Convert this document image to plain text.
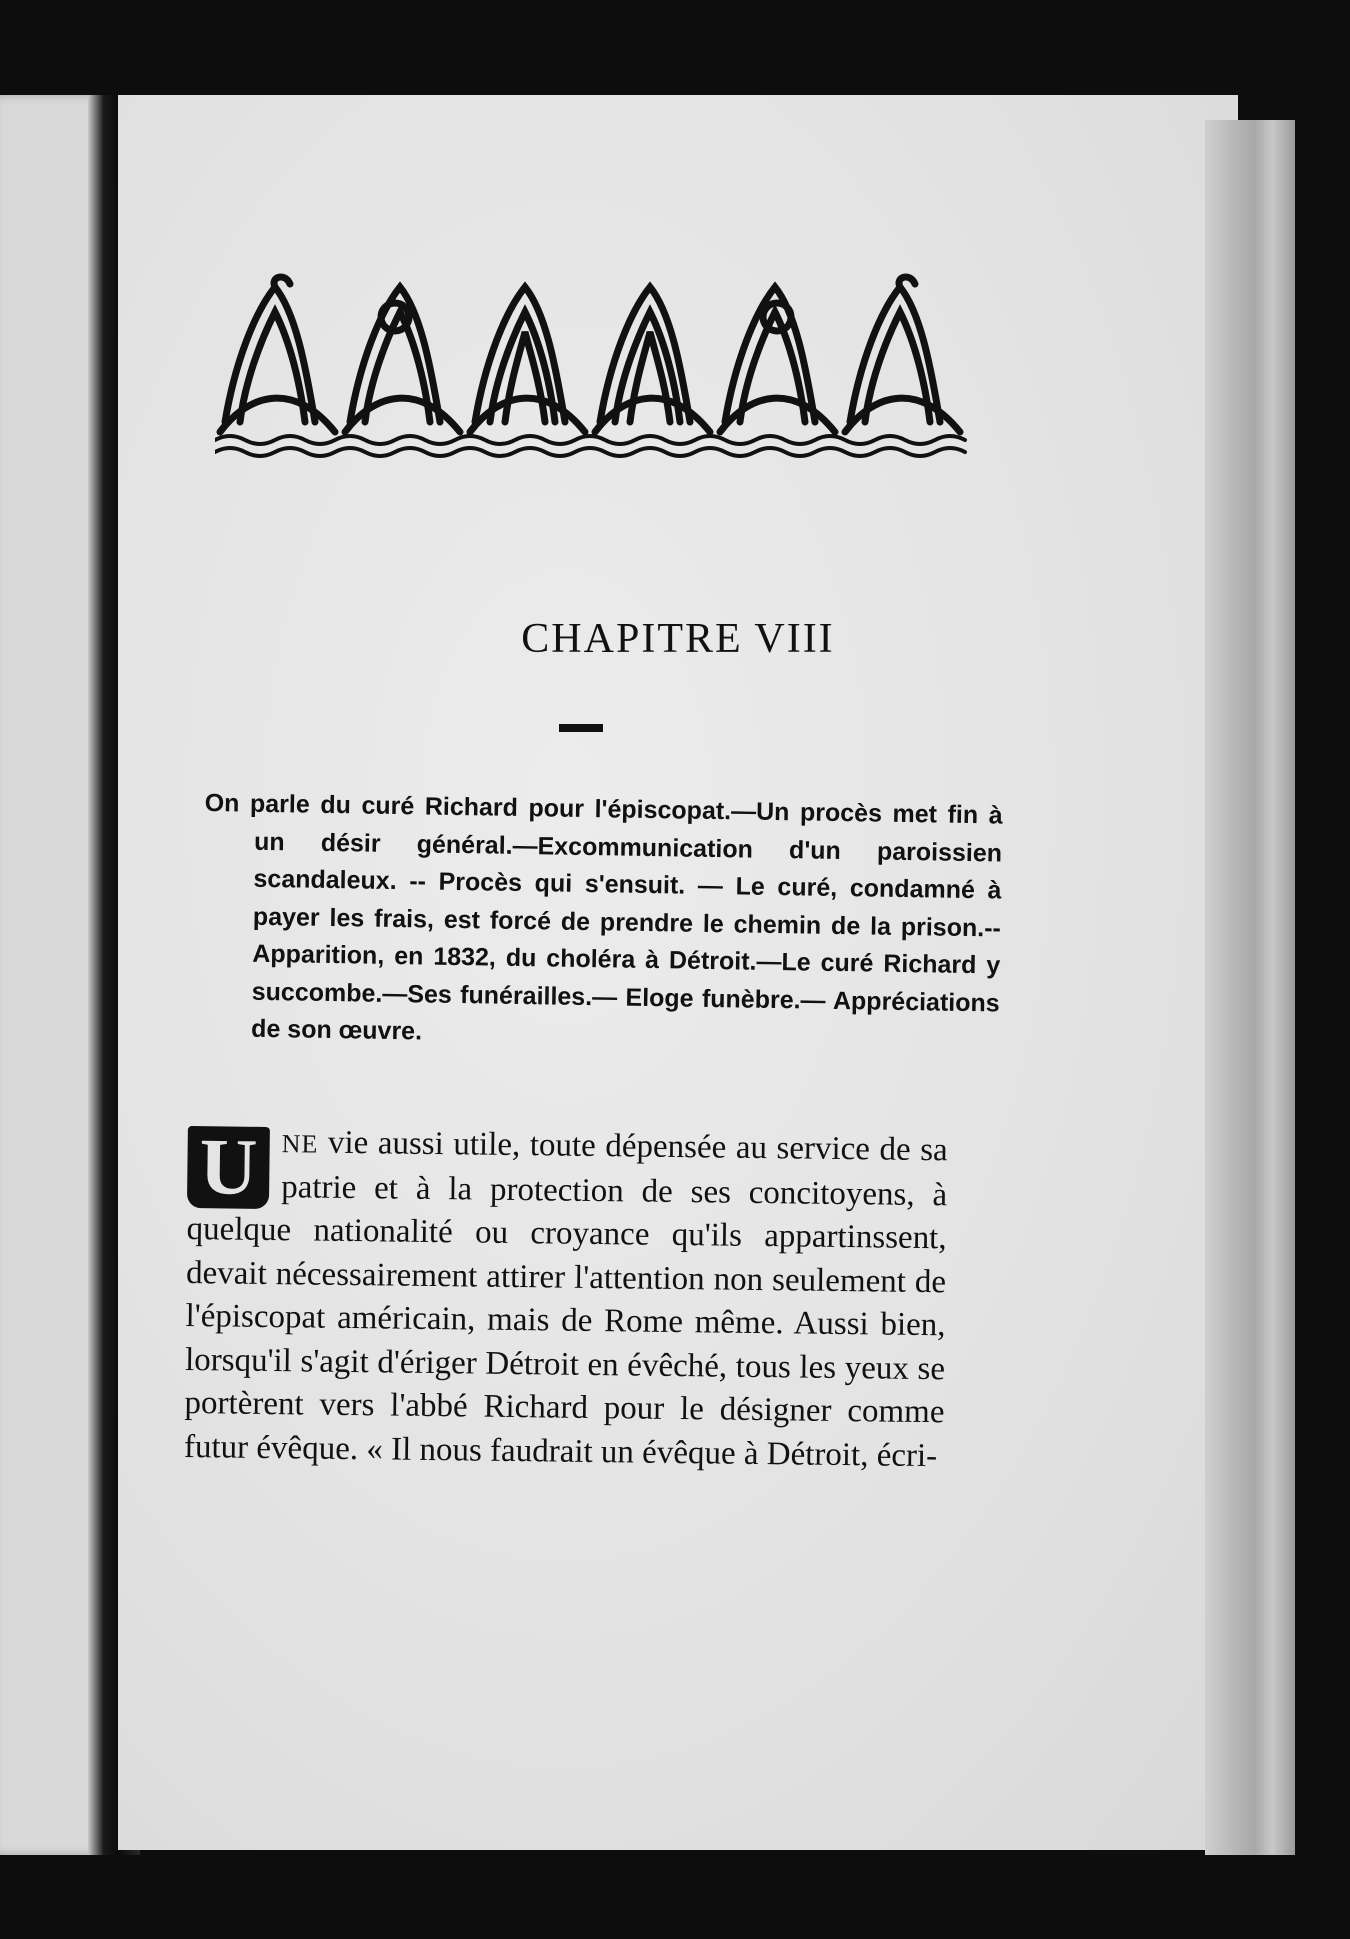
CHAPITRE VIII
On parle du curé Richard pour l'épiscopat.—Un procès met fin à un désir général.—Excommunication d'un paroissien scandaleux. -- Procès qui s'ensuit. — Le curé, condamné à payer les frais, est forcé de prendre le chemin de la prison.--Apparition, en 1832, du choléra à Détroit.—Le curé Richard y succombe.—Ses funérailles.— Eloge funèbre.— Appréciations de son œuvre.
U NE vie aussi utile, toute dépensée au service de sa patrie et à la protection de ses concitoyens, à quelque nationalité ou croyance qu'ils appartinssent, devait nécessairement attirer l'attention non seulement de l'épiscopat américain, mais de Rome même. Aussi bien, lorsqu'il s'agit d'ériger Détroit en évêché, tous les yeux se portèrent vers l'abbé Richard pour le désigner comme futur évêque. « Il nous faudrait un évêque à Détroit, écri-
